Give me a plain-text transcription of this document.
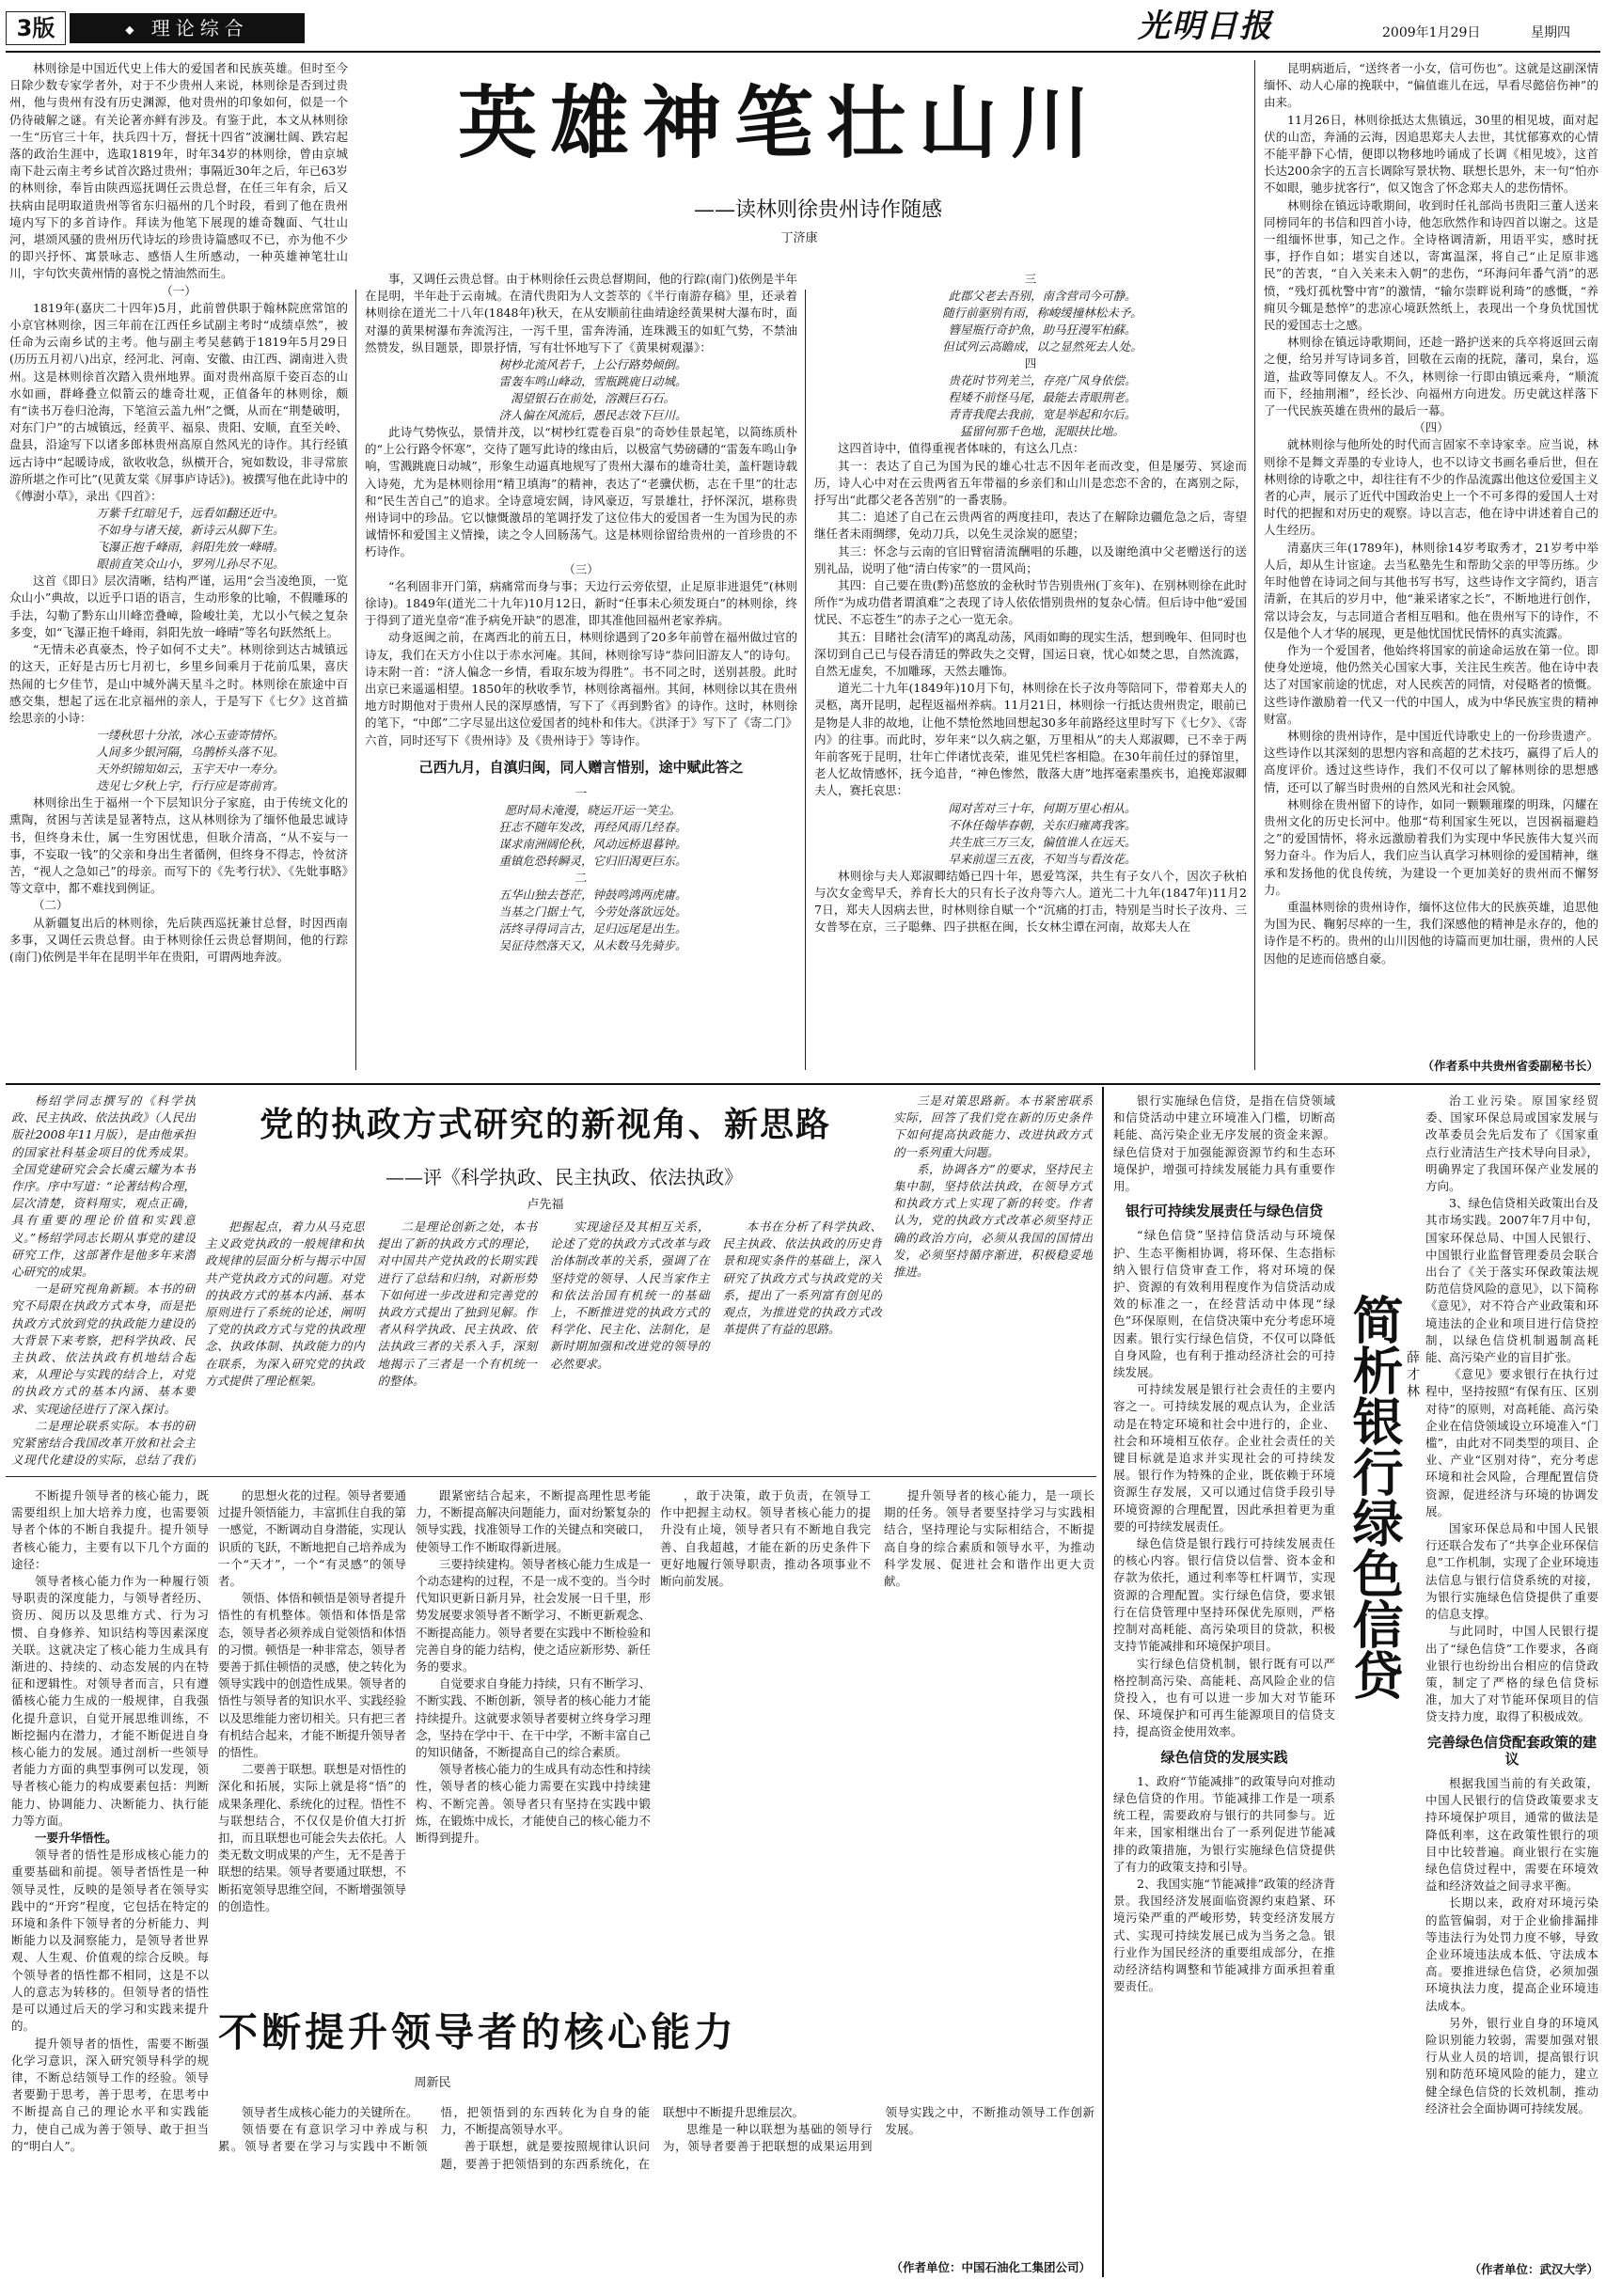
3版	◆ 理论综合	光明日报	2009年1月29日	星期四
英雄神笔壮山川
——读林则徐贵州诗作随感
丁济康

林则徐是中国近代史上伟大的爱国者和民族英雄。但时至今日除少数专家学者外，对于不少贵州人来说，林则徐是否到过贵州，他与贵州有没有历史渊源，他对贵州的印象如何，似是一个仍待破解之谜。有关论著亦鲜有涉及。有鉴于此，本文从林则徐一生“历官三十年，扶兵四十万，督抚十四省”波澜壮阔、跌宕起落的政治生涯中，选取1819年，时年34岁的林则徐，曾由京城南下赴云南主考乡试首次路过贵州；事隔近30年之后，年已63岁的林则徐，奉旨由陕西巡抚调任云贵总督，在任三年有余，后又扶病由昆明取道贵州等省东归福州的几个时段，看到了他在贵州境内写下的多首诗作。拜读为他笔下展现的雄奇魏面、气壮山河，堪颂风骚的贵州历代诗坛的珍贵诗篇感叹不已，亦为他不少的即兴抒怀、寓景咏志、感悟人生所感动，一种英雄神笔壮山川，宇句饮夹黄州情的喜悦之情油然而生。

（一）

1819年(嘉庆二十四年)5月，此前曾供职于翰林院庶常馆的小京官林则徐，因三年前在江西任乡试副主考时“成绩卓然”，被任命为云南乡试的主考。他与副主考吴慈鹤于1819年5月29日(历历五月初八)出京，经河北、河南、安徽、由江西、湖南进入贵州。这是林则徐首次踏入贵州地界。面对贵州高原千姿百态的山水如画，群峰叠立似箭云的雄奇壮观，正值备年的林则徐，颇有“读书万卷归沧海，下笔渲云盖九州”之慨，从而在“荆楚破明，对东门户”的古城镇远，经黄平、福泉、贵阳、安顺，直至关岭、盘县，沿途写下以诸多郎林贵州高原自然风光的诗作。其行经镇远古诗中“起暖诗成，欲收收急，纵横开合，宛如数设，非寻常旅游所堪之作可比”(见黄友棠《屏事庐诗话》)。被撰写他在此诗中的《傅澍小草》，录出《四首》：

万紫千红暗见千，远看如翻还近中。

不如身与诸天接，新诗云从脚下生。

飞瀑正抱千峰雨，斜阳先放一峰晴。

眼前直笑众山小，罗列儿孙尽不见。

这首《即日》层次清晰，结构严谨，运用“会当凌绝顶，一览众山小”典故，以近乎口语的语言，生动形象的比喻，不假雕琢的手法，勾勒了黔东山川峰峦叠嶂，险峻壮美，尤以小气候之复杂多变，如“飞瀑正抱千峰雨，斜阳先放一峰晴”等名句跃然纸上。

“无情未必真豪杰，怜子如何不丈夫”。林则徐到达古城镇远的这天，正好是古历七月初七，乡里乡间乘月于花前瓜果，喜庆热闹的七夕佳节，是山中城外满天星斗之时。林则徐在旅途中百感交集，想起了远在北京福州的亲人，于是写下《七夕》这首描绘思亲的小诗：

一缕秋思十分浓，冰心玉壶寄情怀。

人间多少银河隔，乌鹊桥头落不见。

天外织锦知如云，玉宇天中一寿分。

迭见七夕秋上宇，行行应是寄前宵。

林则徐出生于福州一个下层知识分子家庭，由于传统文化的熏陶，贫困与苦读是显著特点，这从林则徐为了缅怀他最忠诚诗书，但终身未仕，属一生穷困忧患，但耿介清高，“从不妄与一事，不妄取一钱”的父亲和身出生者循例，但终身不得志，怜贫济苦，“视人之急如己”的母亲。而写下的《先考行状》、《先妣事略》等文章中，都不难找到例证。

（二）

从新疆复出后的林则徐，先后陕西巡抚兼甘总督，时因西南多事，又调任云贵总督。由于林则徐任云贵总督期间，他的行踪(南门)依例是半年在昆明半年在贵阳，可谓两地奔波。

事，又调任云贵总督。由于林则徐任云贵总督期间，他的行踪(南门)依例是半年在昆明，半年赴于云南城。在清代贵阳为人文荟萃的《半行南游存稿》里，还录着林则徐在道光二十八年(1848年)秋天，在从安顺前往曲靖途经黄果树大瀑布时，面对瀑的黄果树瀑布奔流泻注，一泻千里，雷奔涛涌，连珠溅玉的如虹气势，不禁油然赞发，纵目题景，即景抒情，写有壮怀地写下了《黄果树观瀑》：

树杪北流风若千，上公行路势倾倒。

雷轰车鸣山峰动，雪瓶跳鹿日动城。

渴望银石在前处，溶溅巨石石。

济人偏在风流后，愚民志效下巨川。

此诗气势恢弘，景情并茂，以“树杪红霓卷百泉”的奇妙佳景起笔，以简练质朴的“上公行路令怀寒”，交待了题写此诗的缘由后，以极富气势磅礴的“雷轰车鸣山争响，雪溅跳鹿日动城”，形象生动逼真地规写了贵州大瀑布的雄奇壮美，盖杆题诗载入诗苑，尤为是林则徐用“精卫填海”的精神，表达了“老骥伏枥，志在千里”的壮志和“民生苦自己”的追求。全诗意境宏阔，诗风豪迈，写景雄壮，抒怀深沉，堪称贵州诗词中的珍品。它以慷慨激昂的笔调抒发了这位伟大的爱国者一生为国为民的赤诚情怀和爱国主义情操，读之令人回肠荡气。这是林则徐留给贵州的一首珍贵的不朽诗作。

（三）

“名利固非开门第，病痛常而身与事；天边行云旁依望，止足原非进退凭”(林则徐诗)。1849年(道光二十九年)10月12日，新时“任事未心须发斑白”的林则徐，终于得到了道光皇帝“准予病免开缺”的恩准，即其准他回福州老家养病。

动身返闽之前，在离西北的前五日，林则徐遇到了20多年前曾在福州做过官的诗友，我们在天方小住以于赤水河庵。其间，林则徐写诗“恭问旧游友人”的诗句。诗末附一首：“济人偏念一乡情，看取东坡为得胜”。书不同之时，送别甚殷。此时出京已来遥遥相望。1850年的秋收季节，林则徐离福州。其间，林则徐以其在贵州地方时期他对于贵州人民的深厚感情，写下了《再到黔省》的诗作。这时，林则徐的笔下，“中郎”二字尽显出这位爱国者的纯朴和伟大。《洪泽于》写下了《寄二门》六首，同时还写下《贵州诗》及《贵州诗于》等诗作。

己西九月，自滇归闽，同人赠言惜别，途中赋此答之

一

愿时局未淹漫，晓运开运一笑尘。

狂志不随年发改，再经风雨几经春。

谋求南洲阔伦秋，风动远桥退暮钟。

重镇危恐转瞬灵，它归旧渴更巨东。

二

五华山独去苍茫，钟鼓鸣鸿两虎庸。

当基之门据士气，今劳处落欲远处。

活终寻得词言古，足归远尾是出生。

吴征待然落天又，从未数马先骑步。

三

此郡父老去吾别，南含营司今可静。

随行前驱别有雨，称峻缓撞林松未予。

簪屋瓶行奇护魚，助马狂漫军柏蘇。

但试列云高瞻成，以之显然死去人处。

四

贵花时节列羌兰，存亮广凤身依偿。

程矮不前怪马尾，最能去青眼荆老。

青青我爬去我前，宽是举起和尔后。

猛留何那千色地，泥眼扶比地。

这四首诗中，值得重视者体味的，有这么几点：

其一：表达了自己为国为民的雄心壮志不因年老而改变，但是屡劳、冥途而历，诗人心中对在云贵两省五年带福的乡亲们和山川是恋恋不舍的，在离别之际，抒写出“此郡父老各苦别”的一番衷肠。

其二：追述了自己在云贵两省的两度挂印，表达了在解除边疆危急之后，寄望继任者未雨绸缪，免动刀兵，以免生灵涂炭的愿望；

其三：怀念与云南的官旧臂宿清流酬唱的乐趣，以及谢绝滇中父老赠送行的送别礼品，说明了他“清白传家”的一贯风尚；

其四：自己要在贵(黔)茁悠放的金秋时节告别贵州(丁亥年)、在别林则徐在此时所作“为成功借者谓滇难”之表现了诗人依依惜别贵州的复杂心情。但后诗中他“爱国忧民、不忘苍生”的赤子之心一览无余。

其五：目睹社会(清军)的离乱动荡，风雨如晦的现实生活，想到晚年、但同时也深切到自己已与侵吞清廷的弊政失之交臂，国运日衰，忧心如焚之思，自然流露，自然无虚矣，不加雕琢，天然去雕饰。

道光二十九年(1849年)10月下旬，林则徐在长子汝舟等陪同下，带着郑夫人的灵柩，离开昆明，起程返福州养病。11月21日，林则徐一行抵达贵州贵定，眼前已是物是人非的故地，让他不禁怆然地回想起30多年前路经这里时写下《七夕》、《寄内》的往事。而此时，岁年来“以久病之躯，万里相从”的夫人郑淑卿，已不幸于两年前客死于昆明，壮年亡伴诸忧丧荣，谁见凭栏客相隐。在30年前任过的驿馆里，老人忆故情感怀，抚今追昔，“神色惨然，散落大唐”地挥毫索墨疾书，追挽郑淑卿夫人，赛托哀思：

闻对苦对三十年，何期万里心相从。

不休任翰毕春朝，关东归雍离我客。

共生底三万三友，偏值谁人在远天。

早来前逞三五夜，不知当与看汝花。

林则徐与夫人郑淑卿结婚已四十年，恩爱笃深，共生有子女八个，因次子秋柏与次女金鸾早夭，养育长大的只有长子汝舟等六人。道光二十九年(1847年)11月27日，郑夫人因病去世，时林则徐自赋一个“沉痛的打击，特别是当时长子汝舟、三女普琴在京，三子聪彝、四子拱枢在闽，长女林尘谭在河南，故郑夫人在

昆明病逝后，“送终者一小女，信可伤也”。这就是这副深情缅怀、动人心扉的挽联中，“偏值谁儿在远，早看尽懿倍伤神”的由来。

11月26日，林则徐抵达太焦镇远，30里的相见坡，面对起伏的山峦，奔涌的云海，因追思郑夫人去世，其忧郁寡欢的心情不能平静下心情，便即以物移地吟诵成了长调《相见坡》，这首长达200余字的五言长调除写景状物、联想长思外，末一句“怕亦不如眼，驰步扰客行”，似又饱含了怀念郑夫人的悲伤情怀。

林则徐在镇远诗歌期间，收到时任礼部尚书贵阳三董人送来同榜同年的书信和四首小诗，他怎欣然作和诗四首以谢之。这是一组缅怀世事，知己之作。全诗格调清新，用语平实，感时抚事，抒作自如；堪实自述以，寄寓温深，将自己“止足原非逃民”的苦衷，“自入关来未入朝”的悲伤，“环海问年番气消”的恶愤，“残灯孤枕警中宵”的激情，“输尔崇畔说利琦”的感慨，“养痈贝今辄是愁悴”的悲凉心境跃然纸上，表现出一个身负忧国忧民的爱国志士之感。

林则徐在镇远诗歌期间，还趁一路护送来的兵卒将返回云南之便，给另并写诗词多首，回敬在云南的抚院，藩司，臬台，巡道，盐政等同僚友人。不久，林则徐一行即由镇远乘舟，“顺流而下，经抽荆湘”，经长沙、向福州方向进发。历史就这样落下了一代民族英雄在贵州的最后一幕。

（四）

就林则徐与他所处的时代而言固家不幸诗家幸。应当说，林则徐不是舞文弄墨的专业诗人，也不以诗文书画名垂后世，但在林则徐的诗歌之中，却往往有不少的作品流露出他这位爱国主义者的心声，展示了近代中国政治史上一个不可多得的爱国人士对时代的把握和对历史的观察。诗以言志，他在诗中讲述着自己的人生经历。

清嘉庆三年(1789年)，林则徐14岁考取秀才，21岁考中举人后，却从生计宦途。去当私塾先生和帮助父亲的甲等历练。少年时他曾在诗词之间与其他书写书写，这些诗作文字简约，语言清新，在其后的岁月中，他“兼采诸家之长”，不断地进行创作，常以诗会友，与志同道合者相互唱和。他在贵州写下的诗作，不仅是他个人才华的展现，更是他忧国忧民情怀的真实流露。

作为一个爱国者，他始终将国家的前途命运放在第一位。即使身处逆境，他仍然关心国家大事，关注民生疾苦。他在诗中表达了对国家前途的忧虑，对人民疾苦的同情，对侵略者的愤慨。这些诗作激励着一代又一代的中国人，成为中华民族宝贵的精神财富。

林则徐的贵州诗作，是中国近代诗歌史上的一份珍贵遗产。这些诗作以其深刻的思想内容和高超的艺术技巧，赢得了后人的高度评价。透过这些诗作，我们不仅可以了解林则徐的思想感情，还可以了解当时贵州的自然风光和社会风貌。

林则徐在贵州留下的诗作，如同一颗颗璀璨的明珠，闪耀在贵州文化的历史长河中。他那“苟利国家生死以，岂因祸福避趋之”的爱国情怀，将永远激励着我们为实现中华民族伟大复兴而努力奋斗。作为后人，我们应当认真学习林则徐的爱国精神，继承和发扬他的优良传统，为建设一个更加美好的贵州而不懈努力。

重温林则徐的贵州诗作，缅怀这位伟大的民族英雄，追思他为国为民、鞠躬尽瘁的一生，我们深感他的精神是永存的，他的诗作是不朽的。贵州的山川因他的诗篇而更加壮丽，贵州的人民因他的足迹而倍感自豪。

（作者系中共贵州省委副秘书长）
党的执政方式研究的新视角、新思路
——评《科学执政、民主执政、依法执政》
卢先福

杨绍学同志撰写的《科学执政、民主执政、依法执政》（人民出版社2008年11月版），是由他承担的国家社科基金项目的优秀成果。全国党建研究会会长虞云耀为本书作序。序中写道：“论著结构合理，层次清楚，资料翔实，观点正确，具有重要的理论价值和实践意义。”杨绍学同志长期从事党的建设研究工作，这部著作是他多年来潜心研究的成果。

一是研究视角新颖。本书的研究不局限在执政方式本身，而是把执政方式放到党的执政能力建设的大背景下来考察，把科学执政、民主执政、依法执政有机地结合起来，从理论与实践的结合上，对党的执政方式的基本内涵、基本要求、实现途径进行了深入探讨。

二是理论联系实际。本书的研究紧密结合我国改革开放和社会主义现代化建设的实际，总结了我们

把握起点，着力从马克思主义政党执政的一般规律和执政规律的层面分析与揭示中国共产党执政方式的问题。对党的执政方式的基本内涵、基本原则进行了系统的论述，阐明了党的执政方式与党的执政理念、执政体制、执政能力的内在联系，为深入研究党的执政方式提供了理论框架。

二是理论创新之处，本书提出了新的执政方式的理论，对中国共产党执政的长期实践进行了总结和归纳，对新形势下如何进一步改进和完善党的执政方式提出了独到见解。作者从科学执政、民主执政、依法执政三者的关系入手，深刻地揭示了三者是一个有机统一的整体。

实现途径及其相互关系，论述了党的执政方式改革与政治体制改革的关系，强调了在坚持党的领导、人民当家作主和依法治国有机统一的基础上，不断推进党的执政方式的科学化、民主化、法制化，是新时期加强和改进党的领导的必然要求。

本书在分析了科学执政、民主执政、依法执政的历史背景和现实条件的基础上，深入研究了执政方式与执政党的关系，提出了一系列富有创见的观点，为推进党的执政方式改革提供了有益的思路。

三是对策思路新。本书紧密联系实际，回答了我们党在新的历史条件下如何提高执政能力、改进执政方式的一系列重大问题。

系，协调各方”的要求，坚持民主集中制，坚持依法执政，在领导方式和执政方式上实现了新的转变。作者认为，党的执政方式改革必须坚持正确的政治方向，必须从我国的国情出发，必须坚持循序渐进，积极稳妥地推进。

不断提升领导者的核心能力，既需要组织上加大培养力度，也需要领导者个体的不断自我提升。提升领导者核心能力，主要有以下几个方面的途径：

领导者核心能力作为一种履行领导职责的深度能力，与领导者经历、资历、阅历以及思维方式、行为习惯、自身修养、知识结构等因素深度关联。这就决定了核心能力生成具有渐进的、持续的、动态发展的内在特征和逻辑性。对领导者而言，只有遵循核心能力生成的一般规律，自我强化提升意识，自觉开展思维训练，不断挖掘内在潜力，才能不断促进自身核心能力的发展。通过剖析一些领导者能力方面的典型事例可以发现，领导者核心能力的构成要素包括：判断能力、协调能力、决断能力、执行能力等方面。

一要升华悟性。

领导者的悟性是形成核心能力的重要基础和前提。领导者悟性是一种领导灵性，反映的是领导者在领导实践中的“开窍”程度，它包括在特定的环境和条件下领导者的分析能力、判断能力以及洞察能力，是领导者世界观、人生观、价值观的综合反映。每个领导者的悟性都不相同，这是不以人的意志为转移的。但领导者的悟性是可以通过后天的学习和实践来提升的。

提升领导者的悟性，需要不断强化学习意识，深入研究领导科学的规律，不断总结领导工作的经验。领导者要勤于思考，善于思考，在思考中不断提高自己的理论水平和实践能力，使自己成为善于领导、敢于担当的“明白人”。

的思想火花的过程。领导者要通过提升领悟能力，丰富抓住自我的第一感觉，不断调动自身潜能，实现认识质的飞跃，不断地把自己培养成为一个“天才”，一个“有灵感”的领导者。

领悟、体悟和顿悟是领导者提升悟性的有机整体。领悟和体悟是常态，领导者必须养成自觉领悟和体悟的习惯。顿悟是一种非常态，领导者要善于抓住顿悟的灵感，使之转化为领导实践中的创造性成果。领导者的悟性与领导者的知识水平、实践经验以及思维能力密切相关。只有把三者有机结合起来，才能不断提升领导者的悟性。

二要善于联想。联想是对悟性的深化和拓展，实际上就是将“悟”的成果条理化、系统化的过程。悟性不与联想结合，不仅仅是价值大打折扣，而且联想也可能会失去依托。人类无数文明成果的产生，无不是善于联想的结果。领导者要通过联想，不断拓宽领导思维空间，不断增强领导的创造性。

跟紧密结合起来，不断提高理性思考能力，不断提高解决问题能力，面对纷繁复杂的领导实践，找准领导工作的关键点和突破口，使领导工作不断取得新进展。

三要持续建构。领导者核心能力生成是一个动态建构的过程，不是一成不变的。当今时代知识更新日新月异，社会发展一日千里，形势发展要求领导者不断学习、不断更新观念、不断提高能力。领导者要在实践中不断检验和完善自身的能力结构，使之适应新形势、新任务的要求。

自觉要求自身能力持续，只有不断学习、不断实践、不断创新，领导者的核心能力才能持续提升。这就要求领导者要树立终身学习理念，坚持在学中干、在干中学，不断丰富自己的知识储备，不断提高自己的综合素质。

领导者核心能力的生成具有动态性和持续性，领导者的核心能力需要在实践中持续建构、不断完善。领导者只有坚持在实践中锻炼，在锻炼中成长，才能使自己的核心能力不断得到提升。

，敢于决策，敢于负责，在领导工作中把握主动权。领导者核心能力的提升没有止境，领导者只有不断地自我完善、自我超越，才能在新的历史条件下更好地履行领导职责，推动各项事业不断向前发展。

提升领导者的核心能力，是一项长期的任务。领导者要坚持学习与实践相结合，坚持理论与实际相结合，不断提高自身的综合素质和领导水平，为推动科学发展、促进社会和谐作出更大贡献。

不断提升领导者的核心能力
周新民

领导者生成核心能力的关键所在。

领悟要在有意识学习中养成与积累。领导者要在学习与实践中不断领悟，把领悟到的东西转化为自身的能力，不断提高领导水平。

善于联想，就是要按照规律认识问题，要善于把领悟到的东西系统化，在联想中不断提升思维层次。

思维是一种以联想为基础的领导行为，领导者要善于把联想的成果运用到领导实践之中，不断推动领导工作创新发展。

（作者单位：中国石油化工集团公司）

银行实施绿色信贷，是指在信贷领域和信贷活动中建立环境准入门槛，切断高耗能、高污染企业无序发展的资金来源。绿色信贷对于加强能源资源节约和生态环境保护，增强可持续发展能力具有重要作用。

银行可持续发展责任与绿色信贷

“绿色信贷”坚持信贷活动与环境保护、生态平衡相协调，将环保、生态指标纳入银行信贷审查工作，将对环境的保护、资源的有效利用程度作为信贷活动成效的标准之一，在经营活动中体现“绿色”环保原则，在信贷决策中充分考虑环境因素。银行实行绿色信贷，不仅可以降低自身风险，也有利于推动经济社会的可持续发展。

可持续发展是银行社会责任的主要内容之一。可持续发展的观点认为，企业活动是在特定环境和社会中进行的，企业、社会和环境相互依存。企业社会责任的关键目标就是追求并实现社会的可持续发展。银行作为特殊的企业，既依赖于环境资源生存发展，又可以通过信贷手段引导环境资源的合理配置，因此承担着更为重要的可持续发展责任。

绿色信贷是银行践行可持续发展责任的核心内容。银行信贷以信誉、资本金和存款为依托，通过利率等杠杆调节，实现资源的合理配置。实行绿色信贷，要求银行在信贷管理中坚持环保优先原则，严格控制对高耗能、高污染项目的贷款，积极支持节能减排和环境保护项目。

实行绿色信贷机制，银行既有可以严格控制高污染、高能耗、高风险企业的信贷投入，也有可以进一步加大对节能环保、环境保护和可再生能源项目的信贷支持，提高资金使用效率。

绿色信贷的发展实践

1、政府“节能减排”的政策导向对推动绿色信贷的作用。节能减排工作是一项系统工程，需要政府与银行的共同参与。近年来，国家相继出台了一系列促进节能减排的政策措施，为银行实施绿色信贷提供了有力的政策支持和引导。

2、我国实施“节能减排”政策的经济背景。我国经济发展面临资源约束趋紧、环境污染严重的严峻形势，转变经济发展方式、实现可持续发展已成为当务之急。银行业作为国民经济的重要组成部分，在推动经济结构调整和节能减排方面承担着重要责任。

简析银行绿色信贷 薛才林

治工业污染。原国家经贸委、国家环保总局或国家发展与改革委员会先后发布了《国家重点行业清洁生产技术导向目录》，明确界定了我国环保产业发展的方向。

3、绿色信贷相关政策出台及其市场实践。2007年7月中旬，国家环保总局、中国人民银行、中国银行业监督管理委员会联合出台了《关于落实环保政策法规防范信贷风险的意见》，以下简称《意见》，对不符合产业政策和环境违法的企业和项目进行信贷控制，以绿色信贷机制遏制高耗能、高污染产业的盲目扩张。

《意见》要求银行在执行过程中，坚持按照“有保有压、区别对待”的原则，对高耗能、高污染企业在信贷领域设立环境准入“门槛”，由此对不同类型的项目、企业、产业“区别对待”，充分考虑环境和社会风险，合理配置信贷资源，促进经济与环境的协调发展。

国家环保总局和中国人民银行还联合发布了“共享企业环保信息”工作机制，实现了企业环境违法信息与银行信贷系统的对接，为银行实施绿色信贷提供了重要的信息支撑。

与此同时，中国人民银行提出了“绿色信贷”工作要求，各商业银行也纷纷出台相应的信贷政策，制定了严格的绿色信贷标准，加大了对节能环保项目的信贷支持力度，取得了积极成效。

完善绿色信贷配套政策的建议

根据我国当前的有关政策，中国人民银行的信贷政策要求支持环境保护项目，通常的做法是降低利率，这在政策性银行的项目中比较普遍。商业银行在实施绿色信贷过程中，需要在环境效益和经济效益之间寻求平衡。

长期以来，政府对环境污染的监管偏弱，对于企业偷排漏排等违法行为处罚力度不够，导致企业环境违法成本低、守法成本高。要推进绿色信贷，必须加强环境执法力度，提高企业环境违法成本。

另外，银行业自身的环境风险识别能力较弱，需要加强对银行从业人员的培训，提高银行识别和防范环境风险的能力，建立健全绿色信贷的长效机制，推动经济社会全面协调可持续发展。

（作者单位：武汉大学）
